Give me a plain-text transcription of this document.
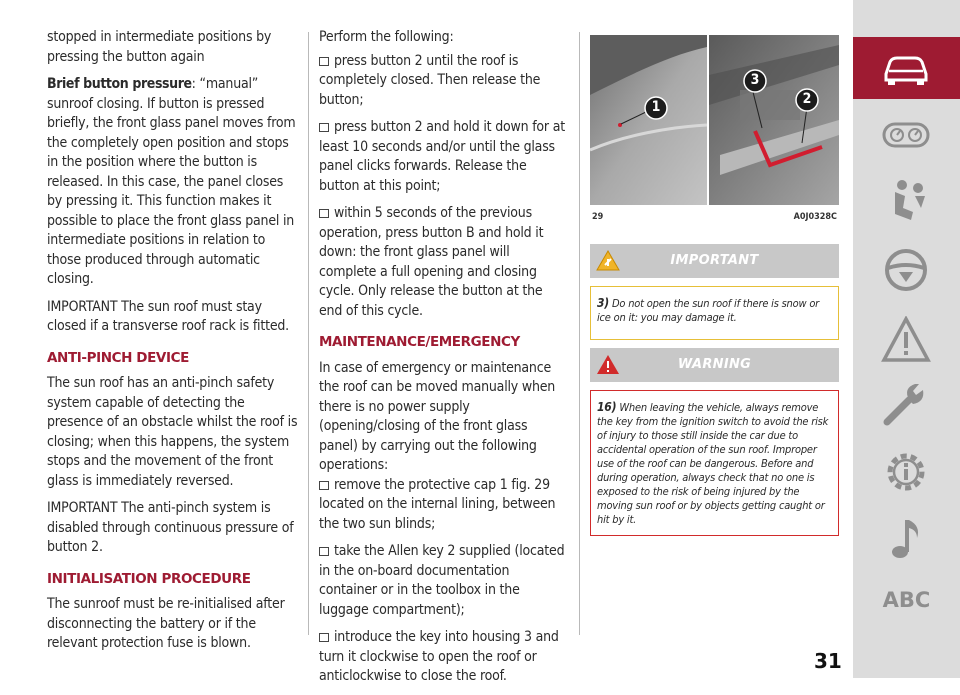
stopped in intermediate positions by pressing the button again

Brief button pressure: “manual” sunroof closing. If button is pressed briefly, the front glass panel moves from the completely open position and stops in the position where the button is released. In this case, the panel closes by pressing it. This function makes it possible to place the front glass panel in intermediate positions in relation to those produced through automatic closing.

IMPORTANT The sun roof must stay closed if a transverse roof rack is fitted.

ANTI-PINCH DEVICE

The sun roof has an anti-pinch safety system capable of detecting the presence of an obstacle whilst the roof is closing; when this happens, the system stops and the movement of the front glass is immediately reversed.

IMPORTANT The anti-pinch system is disabled through continuous pressure of button 2.

INITIALISATION PROCEDURE

The sunroof must be re-initialised after disconnecting the battery or if the relevant protection fuse is blown.

Perform the following:

press button 2 until the roof is completely closed. Then release the button;

press button 2 and hold it down for at least 10 seconds and/or until the glass panel clicks forwards. Release the button at this point;

within 5 seconds of the previous operation, press button B and hold it down: the front glass panel will complete a full opening and closing cycle. Only release the button at the end of this cycle.

MAINTENANCE/EMERGENCY

In case of emergency or maintenance the roof can be moved manually when there is no power supply (opening/closing of the front glass panel) by carrying out the following operations:

remove the protective cap 1 fig. 29 located on the internal lining, between the two sun blinds;

take the Allen key 2 supplied (located in the on-board documentation container or in the toolbox in the luggage compartment);

introduce the key into housing 3 and turn it clockwise to open the roof or anticlockwise to close the roof.

1
3
2
29	A0J0328C
IMPORTANT
3) Do not open the sun roof if there is snow or ice on it: you may damage it.
WARNING
16) When leaving the vehicle, always remove the key from the ignition switch to avoid the risk of injury to those still inside the car due to accidental operation of the sun roof. Improper use of the roof can be dangerous. Before and during operation, always check that no one is exposed to the risk of being injured by the moving sun roof or by objects getting caught or hit by it.
ABC
carmanualsonline.info 31
